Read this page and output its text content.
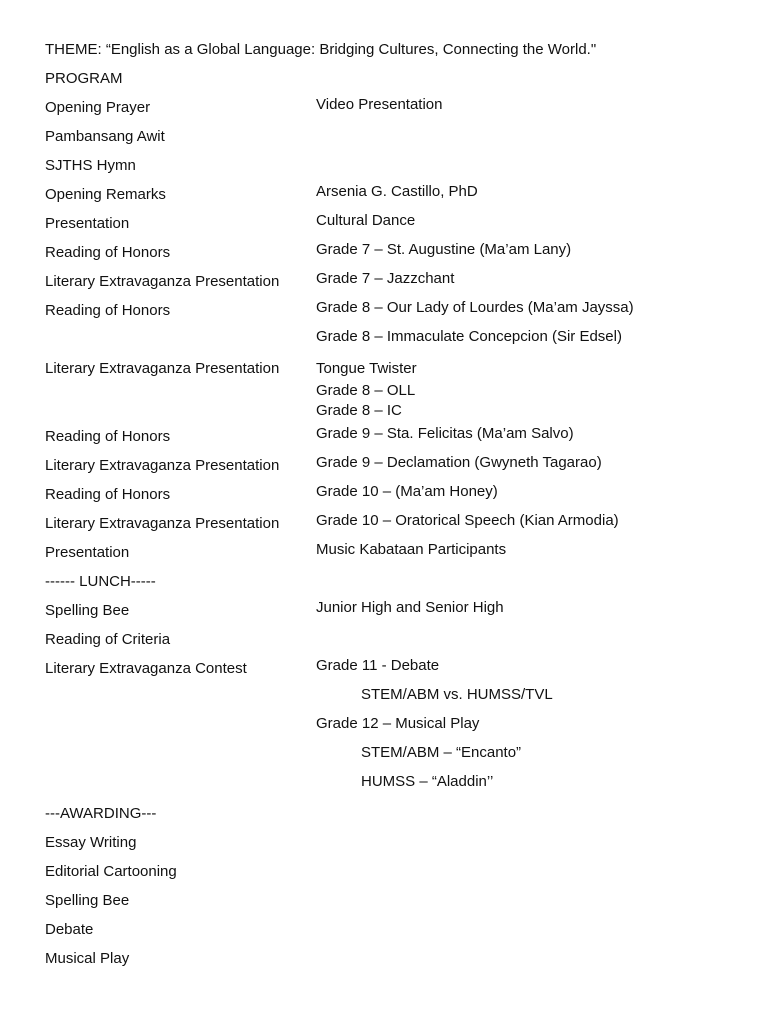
THEME: “English as a Global Language: Bridging Cultures, Connecting the World."
PROGRAM
Opening Prayer	Video Presentation
Pambansang Awit
SJTHS Hymn
Opening Remarks	Arsenia G. Castillo, PhD
Presentation	Cultural Dance
Reading of Honors	Grade 7 – St. Augustine (Ma’am Lany)
Literary Extravaganza Presentation	Grade 7 – Jazzchant
Reading of Honors	Grade 8 – Our Lady of Lourdes (Ma’am Jayssa)
Grade 8 – Immaculate Concepcion (Sir Edsel)
Literary Extravaganza Presentation	Tongue Twister
Grade 8 – OLL
Grade 8 – IC
Reading of Honors	Grade 9 – Sta. Felicitas (Ma’am Salvo)
Literary Extravaganza Presentation	Grade 9 – Declamation (Gwyneth Tagarao)
Reading of Honors	Grade 10 – (Ma’am Honey)
Literary Extravaganza Presentation	Grade 10 – Oratorical Speech (Kian Armodia)
Presentation	Music Kabataan Participants
------ LUNCH-----
Spelling Bee	Junior High and Senior High
Reading of Criteria
Literary Extravaganza Contest	Grade 11 - Debate
STEM/ABM vs. HUMSS/TVL
Grade 12 – Musical Play
STEM/ABM – “Encanto”
HUMSS – “Aladdin’’
---AWARDING---
Essay Writing
Editorial Cartooning
Spelling Bee
Debate
Musical Play
